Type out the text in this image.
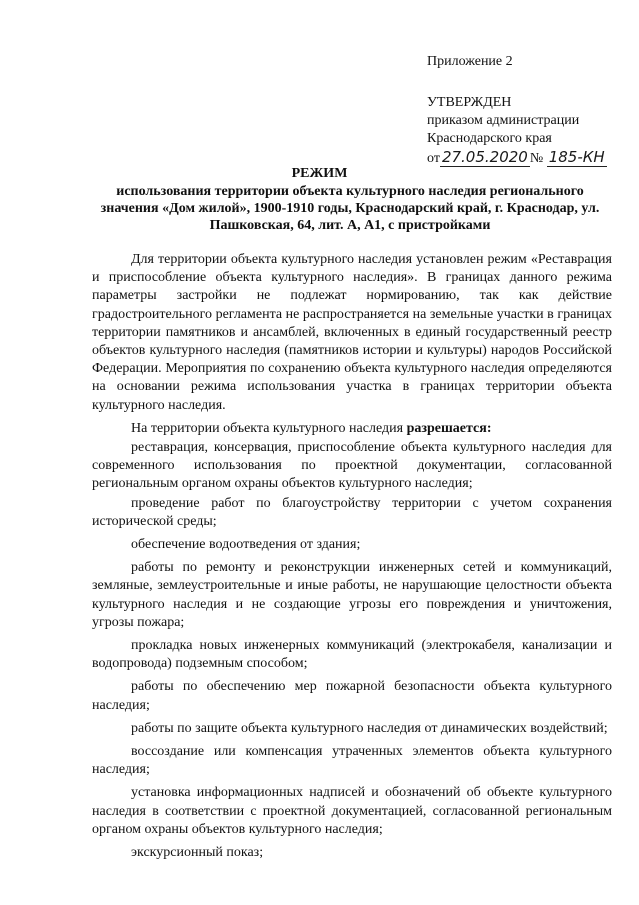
Приложение 2

УТВЕРЖДЕН
приказом администрации
Краснодарского края
от 27.05.2020 № 185-КН

РЕЖИМ

использования территории объекта культурного наследия регионального значения «Дом жилой», 1900-1910 годы, Краснодарский край, г. Краснодар, ул. Пашковская, 64, лит. А, А1, с пристройками

Для территории объекта культурного наследия установлен режим «Реставрация и приспособление объекта культурного наследия». В границах данного режима параметры застройки не подлежат нормированию, так как действие градостроительного регламента не распространяется на земельные участки в границах территории памятников и ансамблей, включенных в единый государственный реестр объектов культурного наследия (памятников истории и культуры) народов Российской Федерации. Мероприятия по сохранению объекта культурного наследия определяются на основании режима использования участка в границах территории объекта культурного наследия.

На территории объекта культурного наследия разрешается:

реставрация, консервация, приспособление объекта культурного наследия для современного использования по проектной документации, согласованной региональным органом охраны объектов культурного наследия;

проведение работ по благоустройству территории с учетом сохранения исторической среды;

обеспечение водоотведения от здания;

работы по ремонту и реконструкции инженерных сетей и коммуникаций, земляные, землеустроительные и иные работы, не нарушающие целостности объекта культурного наследия и не создающие угрозы его повреждения и уничтожения, угрозы пожара;

прокладка новых инженерных коммуникаций (электрокабеля, канализации и водопровода) подземным способом;

работы по обеспечению мер пожарной безопасности объекта культурного наследия;

работы по защите объекта культурного наследия от динамических воздействий;

воссоздание или компенсация утраченных элементов объекта культурного наследия;

установка информационных надписей и обозначений об объекте культурного наследия в соответствии с проектной документацией, согласованной региональным органом охраны объектов культурного наследия;

экскурсионный показ;
